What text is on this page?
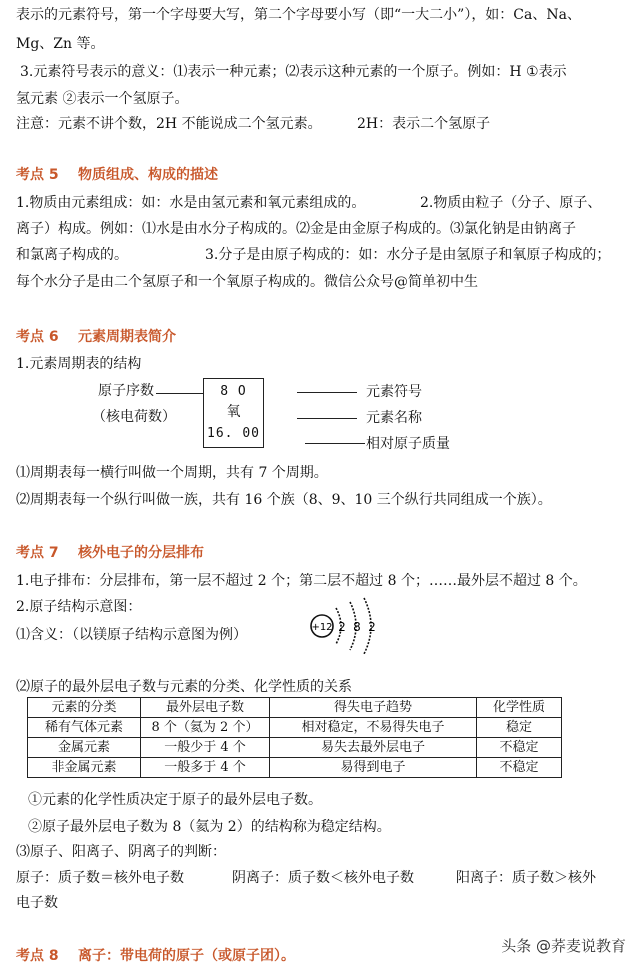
表示的元素符号，第一个字母要大写，第二个字母要小写（即“一大二小”），如：Ca、Na、
Mg、Zn 等。
3.元素符号表示的意义：⑴表示一种元素；⑵表示这种元素的一个原子。例如：H ①表示
氢元素 ②表示一个氢原子。
注意：元素不讲个数，2H 不能说成二个氢元素。	2H：表示二个氢原子
考点 5 物质组成、构成的描述
1.物质由元素组成：如：水是由氢元素和氧元素组成的。	2.物质由粒子（分子、原子、
离子）构成。例如：⑴水是由水分子构成的。⑵金是由金原子构成的。⑶氯化钠是由钠离子
和氯离子构成的。	3.分子是由原子构成的：如：水分子是由氢原子和氧原子构成的；
每个水分子是由二个氢原子和一个氧原子构成的。微信公众号@简单初中生
考点 6 元素周期表简介
1.元素周期表的结构
原子序数
（核电荷数）
8 O
氧
16. 00
元素符号
元素名称
相对原子质量
⑴周期表每一横行叫做一个周期，共有 7 个周期。
⑵周期表每一个纵行叫做一族，共有 16 个族（8、9、10 三个纵行共同组成一个族）。
考点 7 核外电子的分层排布
1.电子排布：分层排布，第一层不超过 2 个；第二层不超过 8 个；……最外层不超过 8 个。
2.原子结构示意图：
⑴含义：（以镁原子结构示意图为例）	+12 2 8 2
⑵原子的最外层电子数与元素的分类、化学性质的关系
元素的分类	最外层电子数	得失电子趋势	化学性质
稀有气体元素	8 个（氦为 2 个）	相对稳定，不易得失电子	稳定
金属元素	一般少于 4 个	易失去最外层电子	不稳定
非金属元素	一般多于 4 个	易得到电子	不稳定
①元素的化学性质决定于原子的最外层电子数。
②原子最外层电子数为 8（氦为 2）的结构称为稳定结构。
⑶原子、阳离子、阴离子的判断：
原子：质子数＝核外电子数	阴离子：质子数＜核外电子数	阳离子：质子数＞核外
电子数
考点 8 离子：带电荷的原子（或原子团）。
头条 @荞麦说教育
